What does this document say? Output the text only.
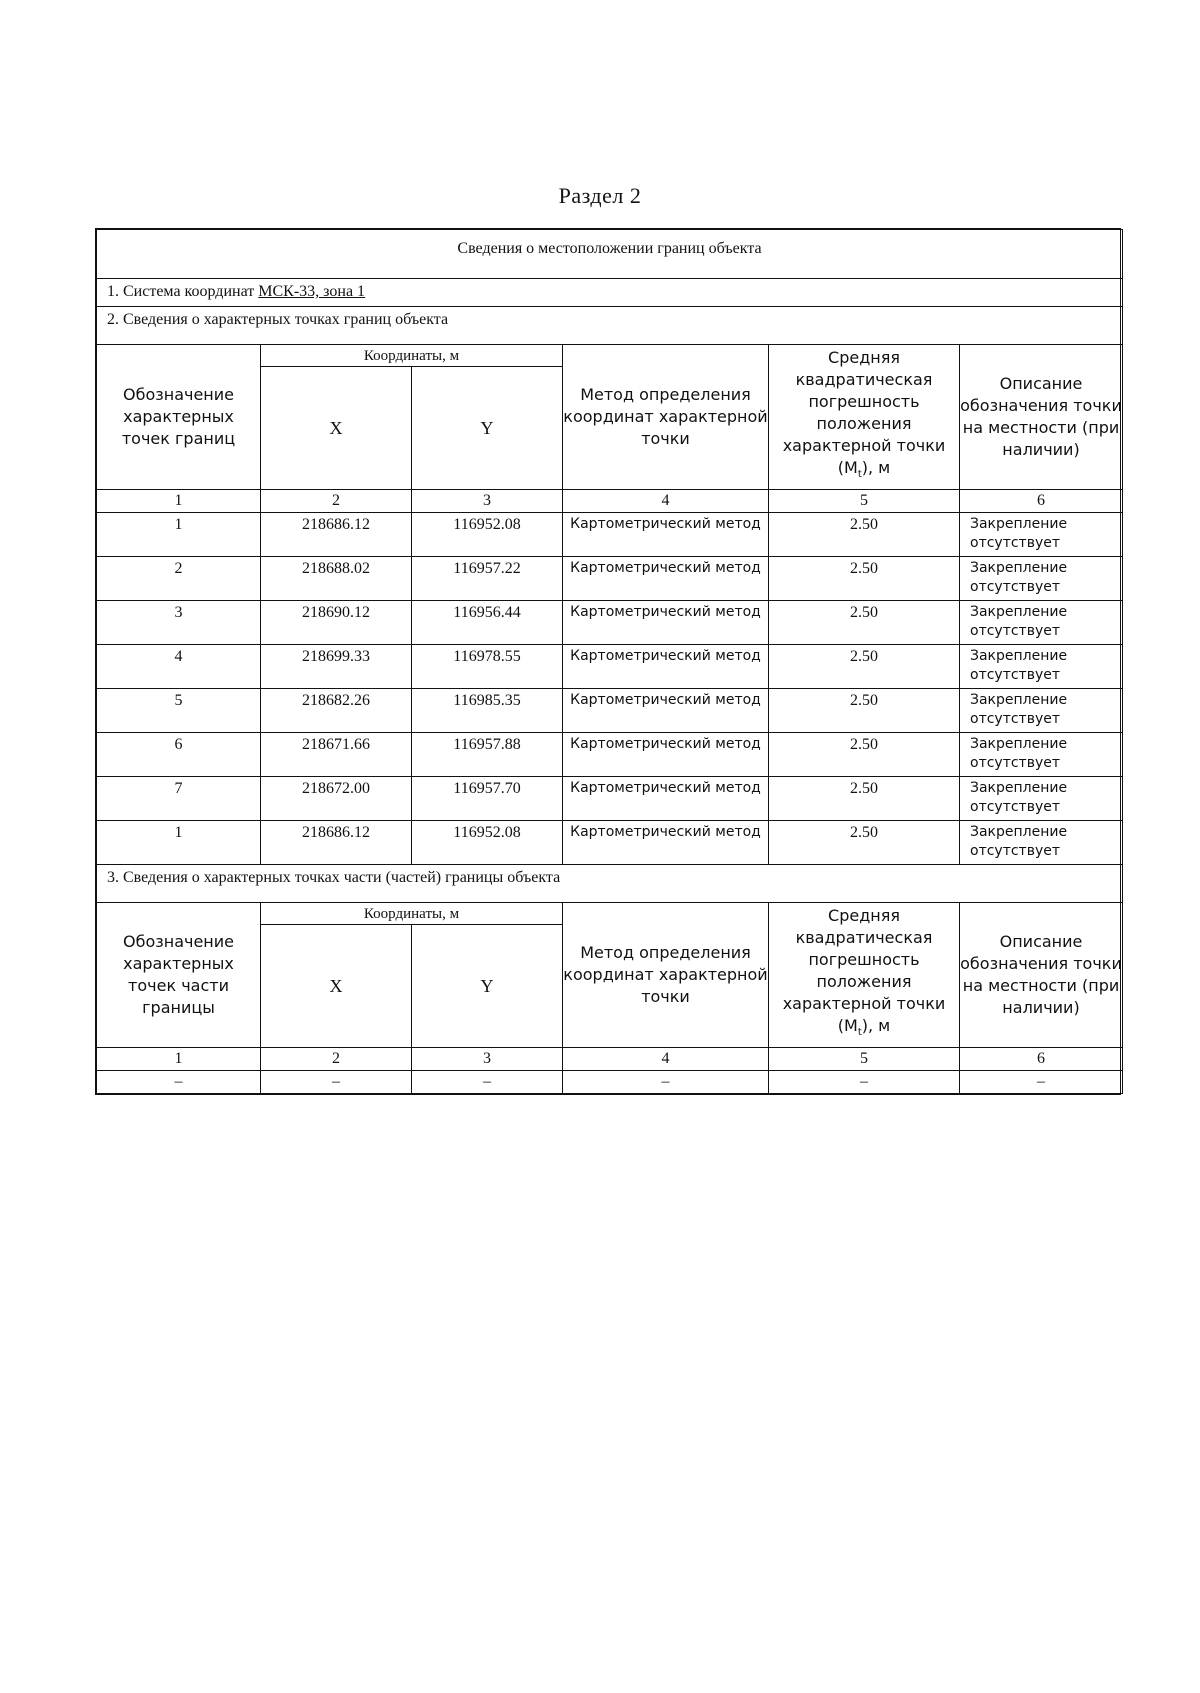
Раздел 2
Сведения о местоположении границ объекта					
1. Система координат МСК-33, зона 1					
2. Сведения о характерных точках границ объекта					
Обозначение характерных точек границ	Координаты, м		Метод определения координат характерной точки	Средняя квадратическая погрешность положения характерной точки $(M_t)$, м	Описание обозначения точки на местности (при наличии)
	X	Y			
1	2	3	4	5	6
1	218686.12	116952.08	Картометрический метод	2.50	Закрепление отсутствует
2	218688.02	116957.22	Картометрический метод	2.50	Закрепление отсутствует
3	218690.12	116956.44	Картометрический метод	2.50	Закрепление отсутствует
4	218699.33	116978.55	Картометрический метод	2.50	Закрепление отсутствует
5	218682.26	116985.35	Картометрический метод	2.50	Закрепление отсутствует
6	218671.66	116957.88	Картометрический метод	2.50	Закрепление отсутствует
7	218672.00	116957.70	Картометрический метод	2.50	Закрепление отсутствует
1	218686.12	116952.08	Картометрический метод	2.50	Закрепление отсутствует
3. Сведения о характерных точках части (частей) границы объекта					
Обозначение характерных точек части границы	Координаты, м		Метод определения координат характерной точки	Средняя квадратическая погрешность положения характерной точки $(M_t)$, м	Описание обозначения точки на местности (при наличии)
	X	Y			
1	2	3	4	5	6
–	–	–	–	–	–
